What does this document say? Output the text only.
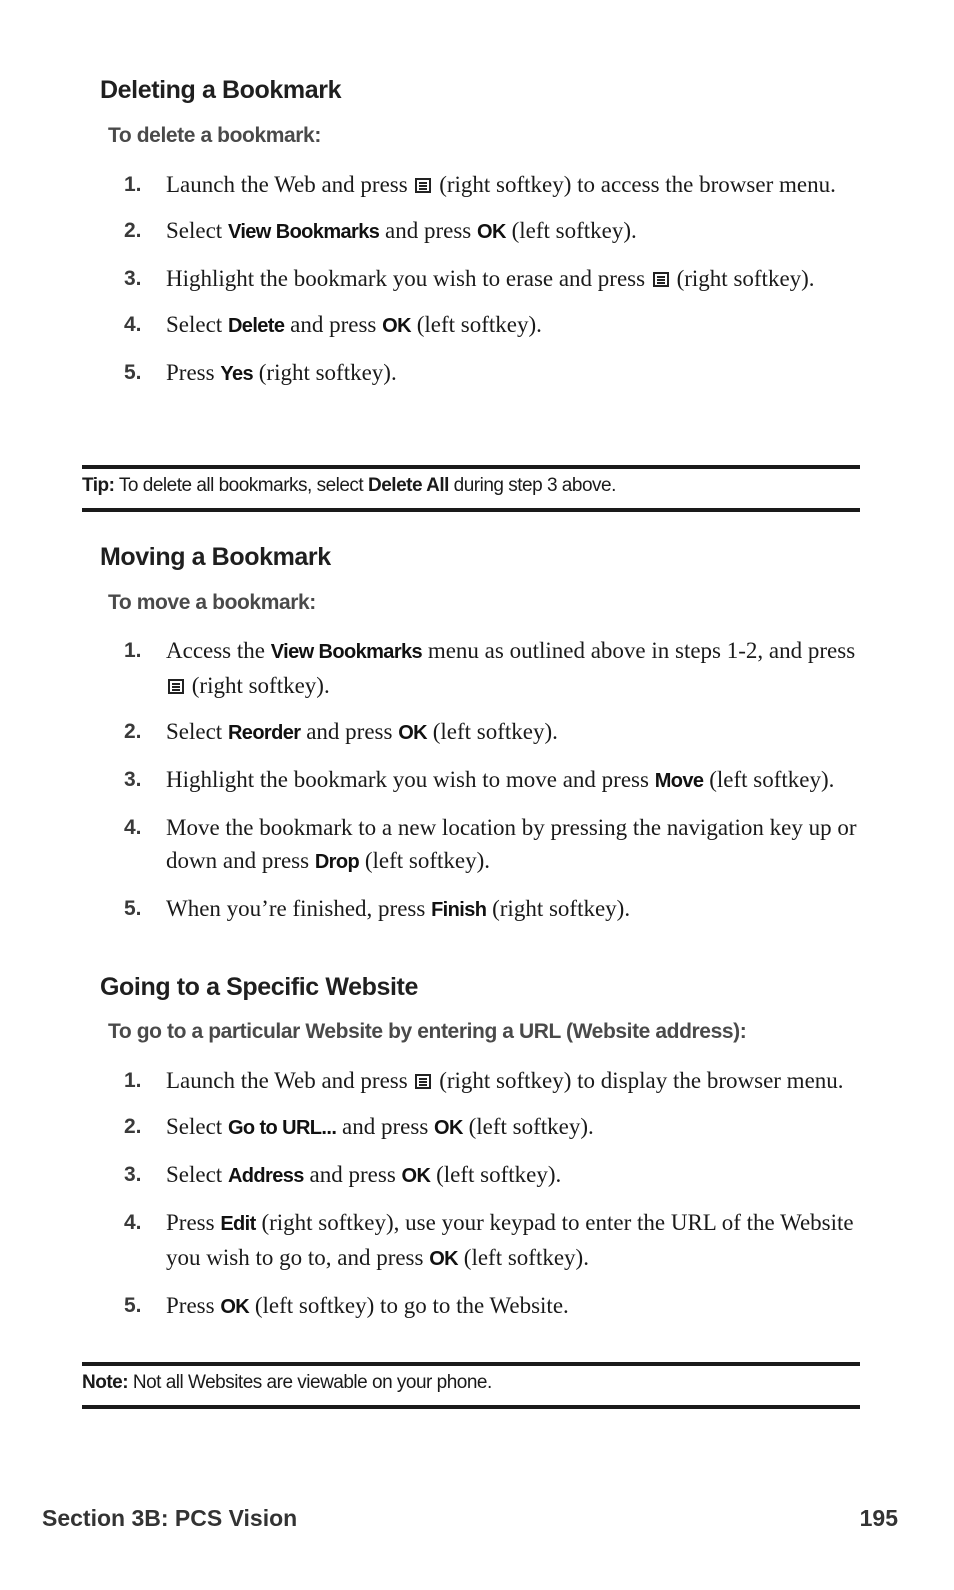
Deleting a Bookmark

To delete a bookmark:

1. Launch the Web and press (right softkey) to access the browser menu.
2. Select View Bookmarks and press OK (left softkey).
3. Highlight the bookmark you wish to erase and press (right softkey).
4. Select Delete and press OK (left softkey).
5. Press Yes (right softkey).
Tip: To delete all bookmarks, select Delete All during step 3 above.
Moving a Bookmark

To move a bookmark:

1. Access the View Bookmarks menu as outlined above in steps 1-2, and press  (right softkey).
2. Select Reorder and press OK (left softkey).
3. Highlight the bookmark you wish to move and press Move (left softkey).
4. Move the bookmark to a new location by pressing the navigation key up or down and press Drop (left softkey).
5. When you’re finished, press Finish (right softkey).
Going to a Specific Website

To go to a particular Website by entering a URL (Website address):

1. Launch the Web and press (right softkey) to display the browser menu.
2. Select Go to URL... and press OK (left softkey).
3. Select Address and press OK (left softkey).
4. Press Edit (right softkey), use your keypad to enter the URL of the Website you wish to go to, and press OK (left softkey).
5. Press OK (left softkey) to go to the Website.
Note: Not all Websites are viewable on your phone.
Section 3B: PCS Vision	195
